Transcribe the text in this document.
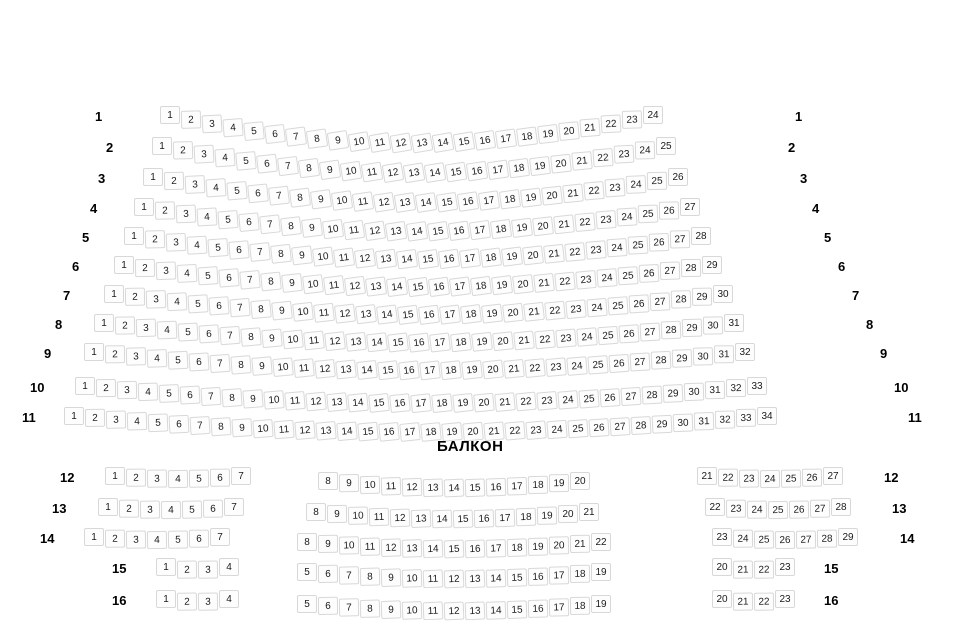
1	2	3	4	5	6	7	8	9	10 11 12 13 14 15 16 17 18 19 20 21 22 23 24
1	1
1	2	3	4	5	6	7	8	9	10 11 12 13 14 15 16 17 18 19 20 21 22 23 24 25
2	2
1	2	3	4	5	6	7	8	9	10 11 12 13 14 15 16 17 18 19 20 21 22 23 24 25 26
3	3
1	2	3	4	5	6	7	8	9	10 11 12 13 14 15 16 17 18 19 20 21 22 23 24 25 26 27
4	4
1	2	3	4	5	6	7	8	9	10 11 12 13 14 15 16 17 18 19 20 21 22 23 24 25 26 27 28
5	5
1	2	3	4	5	6	7	8	9	10 11 12 13 14 15 16 17 18 19 20 21 22 23 24 25 26 27 28 29
6	6
1	2	3	4	5	6	7	8	9	10 11 12 13 14 15 16 17 18 19 20 21 22 23 24 25 26 27 28 29 30
7	7
1	2	3	4	5	6	7	8	9	10 11 12 13 14 15 16 17 18 19 20 21 22 23 24 25 26 27 28 29 30 31
8	8
1	2	3	4	5	6	7	8	9	10 11 12 13 14 15 16 17 18 19 20 21 22 23 24 25 26 27 28 29 30 31 32
9	9
1	2	3	4	5	6	7	8	9	10 11 12 13 14 15 16 17 18 19 20 21 22 23 24 25 26 27 28 29 30 31 32 33
10	10
1	2	3	4	5	6	7	8	9	10 11 12 13 14 15 16 17 18 19 20 21 22 23 24 25 26 27 28 29 30 31 32 33 34
11	11
БАЛКОН
1	2	3	4	5	6	7	8	9	10 11 12 13 14 15 16 17 18 19 20	21 22 23 24 25 26 27
12	12
1	2	3	4	5	6	7	8	9	10 11 12 13 14 15 16 17 18 19 20 21	22 23 24 25 26 27 28
13	13
1	2	3	4	5	6	7	8	9	10 11 12 13 14 15 16 17 18 19 20 21 22	23 24 25 26 27 28 29
14	14
1	2	3	4	5	6	7	8	9	10 11 12 13 14 15 16 17 18 19	20 21 22 23
15	15
1	2	3	4	5	6	7	8	9	10 11 12 13 14 15 16 17 18 19	20 21 22 23
16	16
